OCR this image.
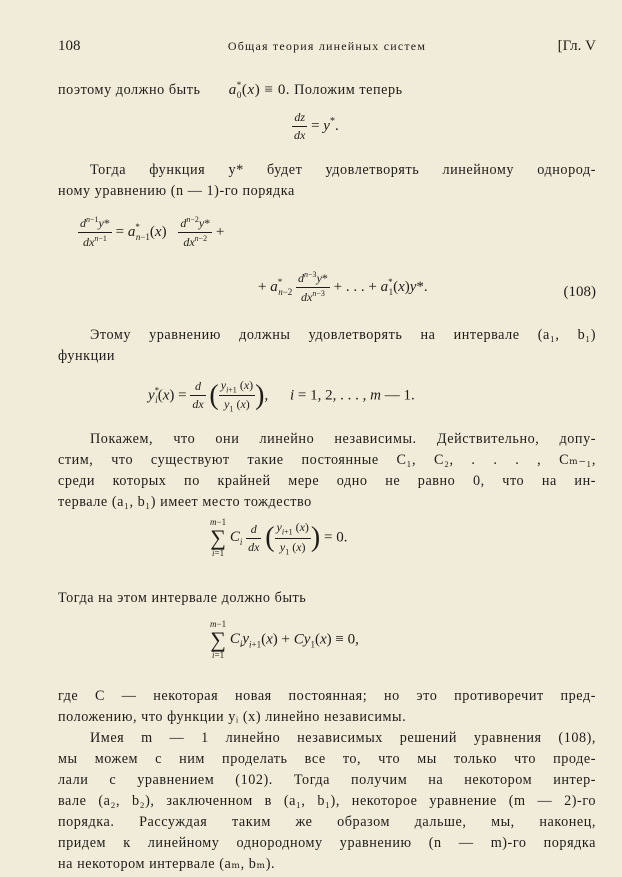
108	Общая теория линейных систем	[Гл. V
поэтому должно быть $a^*_0(x) \equiv 0$. Положим теперь
$\frac{dz}{dx} = y^*$.
Тогда функция y* будет удовлетворять линейному однород-
ному уравнению (n — 1)-го порядка
$d^{n-1}y*$
$dx^{n-1} = a^*_{n-1}(x)$
$d^{n-2}y*$
$dx^{n-2}$ +
+ $a^*_{n-2}$
$d^{n-3}y*$
$dx^{n-3}$ + . . . + $a^*_1(x)y*$.	(108)
Этому уравнению должны удовлетворять на интервале (a₁, b₁)
функции
$y^*_i(x) = \frac{d}{dx}$ ( $\frac{y_{i+1} (x)}{y_1 (x)}$ ), i = 1, 2, . . . , m — 1.
Покажем, что они линейно независимы. Действительно, допу-
стим, что существуют такие постоянные C₁, C₂, . . . , Cₘ₋₁,
среди которых по крайней мере одно не равно 0, что на ин-
тервале (a₁, b₁) имеет место тождество
m−1
∑
i=1
$C_i \frac{d}{dx}$ ( $\frac{y_{i+1} (x)}{y_1 (x)}$ ) = 0.
Тогда на этом интервале должно быть
m−1
∑
i=1
$C_iy_{i+1}(x) + Cy_1(x) \equiv 0$,
где C — некоторая новая постоянная; но это противоречит пред-
положению, что функции yᵢ (x) линейно независимы.
Имея m — 1 линейно независимых решений уравнения (108),
мы можем с ним проделать все то, что мы только что проде-
лали с уравнением (102). Тогда получим на некотором интер-
вале (a₂, b₂), заключенном в (a₁, b₁), некоторое уравнение (m — 2)-го
порядка. Рассуждая таким же образом дальше, мы, наконец,
придем к линейному однородному уравнению (n — m)-го порядка
на некотором интервале (aₘ, bₘ).
